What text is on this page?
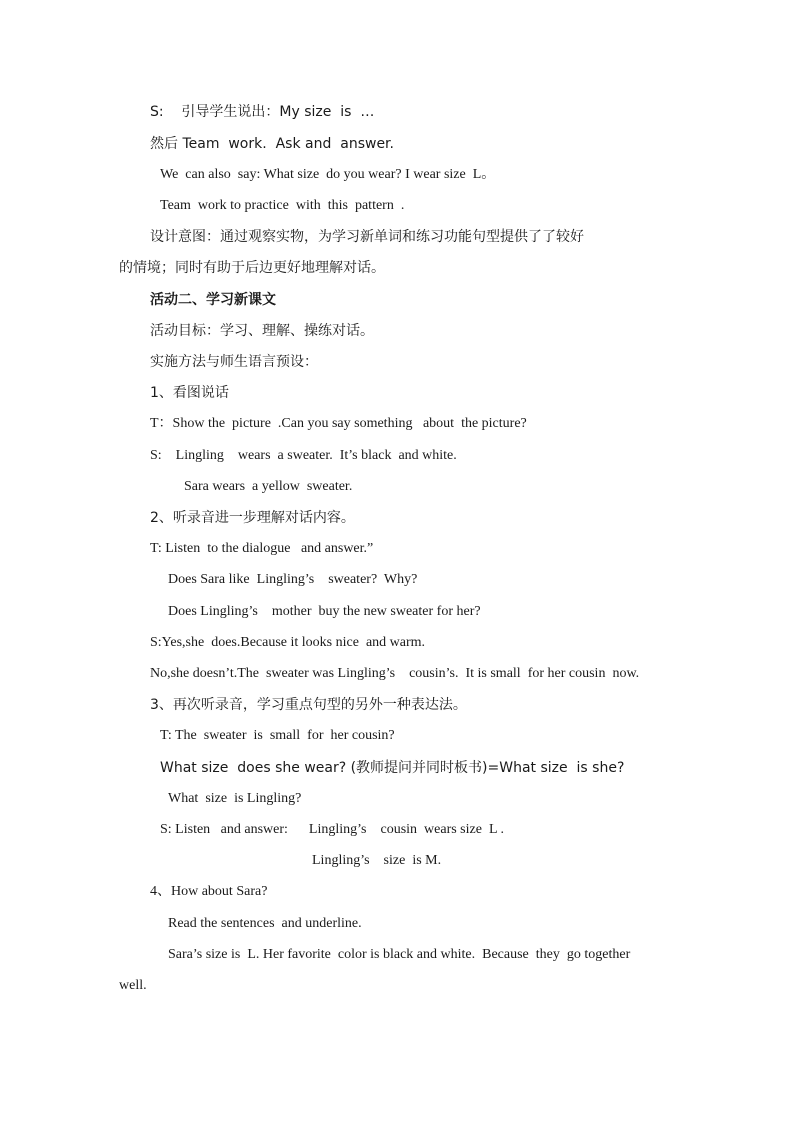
S:    引导学生说出：My size  is  …
然后 Team  work.  Ask and  answer.
We  can also  say: What size  do you wear? I wear size  L。
Team  work to practice  with  this  pattern  .
设计意图：通过观察实物，为学习新单词和练习功能句型提供了了较好
的情境；同时有助于后边更好地理解对话。
活动二、学习新课文
活动目标：学习、理解、操练对话。
实施方法与师生语言预设：
1、看图说话
T：Show the  picture  .Can you say something   about  the picture?
S:    Lingling    wears  a sweater.  It’s black  and white.
Sara wears  a yellow  sweater.
2、听录音进一步理解对话内容。
T: Listen  to the dialogue   and answer.”
Does Sara like  Lingling’s    sweater?  Why?
Does Lingling’s    mother  buy the new sweater for her?
S:Yes,she  does.Because it looks nice  and warm.
No,she doesn’t.The  sweater was Lingling’s    cousin’s.  It is small  for her cousin  now.
3、再次听录音，学习重点句型的另外一种表达法。
T: The  sweater  is  small  for  her cousin?
What size  does she wear? (教师提问并同时板书)=What size  is she?
What  size  is Lingling?
S: Listen   and answer:      Lingling’s    cousin  wears size  L .
Lingling’s    size  is M.
4、How about Sara?
Read the sentences  and underline.
Sara’s size is  L. Her favorite  color is black and white.  Because  they  go together
well.
